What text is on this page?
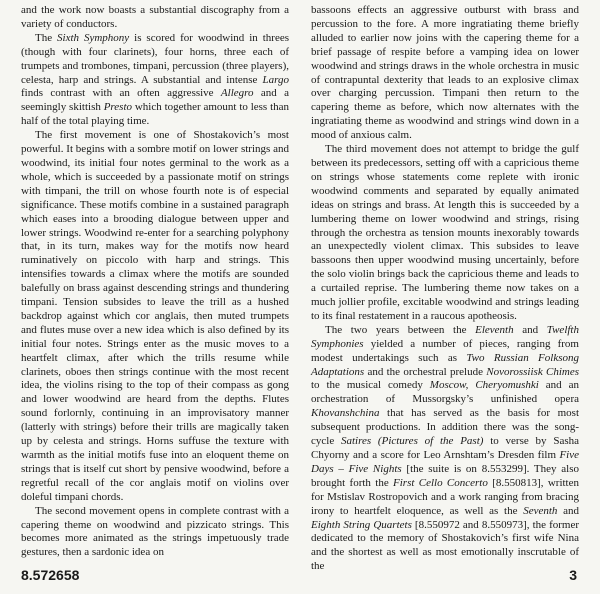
and the work now boasts a substantial discography from a variety of conductors.

The Sixth Symphony is scored for woodwind in threes (though with four clarinets), four horns, three each of trumpets and trombones, timpani, percussion (three players), celesta, harp and strings. A substantial and intense Largo finds contrast with an often aggressive Allegro and a seemingly skittish Presto which together amount to less than half of the total playing time.

The first movement is one of Shostakovich’s most powerful. It begins with a sombre motif on lower strings and woodwind, its initial four notes germinal to the work as a whole, which is succeeded by a passionate motif on strings with timpani, the trill on whose fourth note is of especial significance. These motifs combine in a sustained paragraph which eases into a brooding dialogue between upper and lower strings. Woodwind re-enter for a searching polyphony that, in its turn, makes way for the motifs now heard ruminatively on piccolo with harp and strings. This intensifies towards a climax where the motifs are sounded balefully on brass against descending strings and thundering timpani. Tension subsides to leave the trill as a hushed backdrop against which cor anglais, then muted trumpets and flutes muse over a new idea which is also defined by its initial four notes. Strings enter as the music moves to a heartfelt climax, after which the trills resume while clarinets, oboes then strings continue with the most recent idea, the violins rising to the top of their compass as gong and lower woodwind are heard from the depths. Flutes sound forlornly, continuing in an improvisatory manner (latterly with strings) before their trills are magically taken up by celesta and strings. Horns suffuse the texture with warmth as the initial motifs fuse into an eloquent theme on strings that is itself cut short by pensive woodwind, before a regretful recall of the cor anglais motif on violins over doleful timpani chords.

The second movement opens in complete contrast with a capering theme on woodwind and pizzicato strings. This becomes more animated as the strings impetuously trade gestures, then a sardonic idea on

bassoons effects an aggressive outburst with brass and percussion to the fore. A more ingratiating theme briefly alluded to earlier now joins with the capering theme for a brief passage of respite before a vamping idea on lower woodwind and strings draws in the whole orchestra in music of contrapuntal dexterity that leads to an explosive climax over charging percussion. Timpani then return to the capering theme as before, which now alternates with the ingratiating theme as woodwind and strings wind down in a mood of anxious calm.

The third movement does not attempt to bridge the gulf between its predecessors, setting off with a capricious theme on strings whose statements come replete with ironic woodwind comments and separated by equally animated ideas on strings and brass. At length this is succeeded by a lumbering theme on lower woodwind and strings, rising through the orchestra as tension mounts inexorably towards an unexpectedly violent climax. This subsides to leave bassoons then upper woodwind musing uncertainly, before the solo violin brings back the capricious theme and leads to a curtailed reprise. The lumbering theme now takes on a much jollier profile, excitable woodwind and strings leading to its final restatement in a raucous apotheosis.

The two years between the Eleventh and Twelfth Symphonies yielded a number of pieces, ranging from modest undertakings such as Two Russian Folksong Adaptations and the orchestral prelude Novorossiisk Chimes to the musical comedy Moscow, Cheryomushki and an orchestration of Mussorgsky’s unfinished opera Khovanshchina that has served as the basis for most subsequent productions. In addition there was the song-cycle Satires (Pictures of the Past) to verse by Sasha Chyorny and a score for Leo Arnshtam’s Dresden film Five Days – Five Nights [the suite is on 8.553299]. They also brought forth the First Cello Concerto [8.550813], written for Mstislav Rostropovich and a work ranging from bracing irony to heartfelt eloquence, as well as the Seventh and Eighth String Quartets [8.550972 and 8.550973], the former dedicated to the memory of Shostakovich’s first wife Nina and the shortest as well as most emotionally inscrutable of the

8.572658	3
